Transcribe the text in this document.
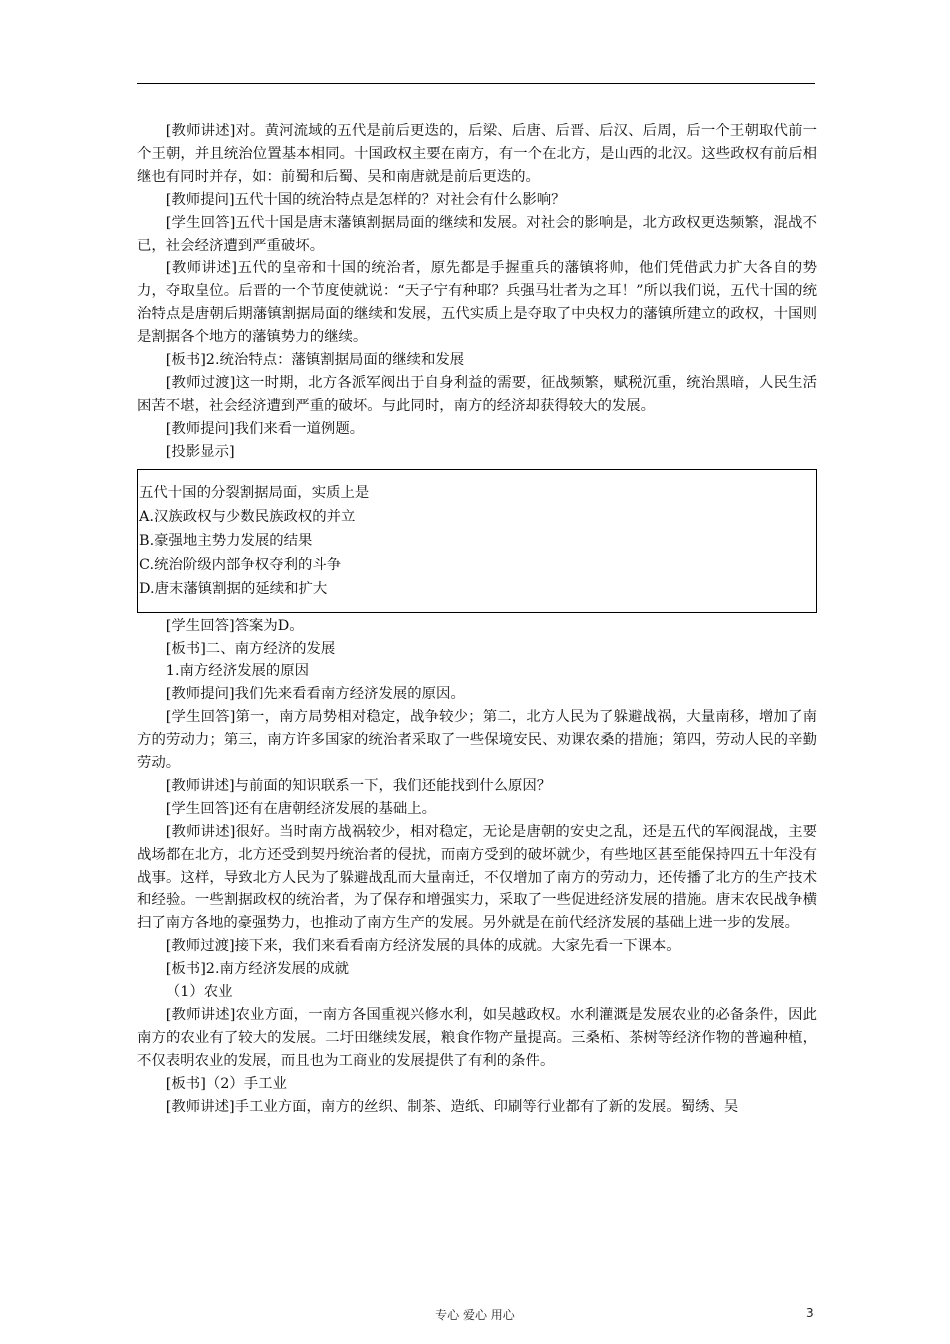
[教师讲述]对。黄河流域的五代是前后更迭的，后梁、后唐、后晋、后汉、后周，后一个王朝取代前一个王朝，并且统治位置基本相同。十国政权主要在南方，有一个在北方，是山西的北汉。这些政权有前后相继也有同时并存，如：前蜀和后蜀、吴和南唐就是前后更迭的。

[教师提问]五代十国的统治特点是怎样的？对社会有什么影响？

[学生回答]五代十国是唐末藩镇割据局面的继续和发展。对社会的影响是，北方政权更迭频繁，混战不已，社会经济遭到严重破坏。

[教师讲述]五代的皇帝和十国的统治者，原先都是手握重兵的藩镇将帅，他们凭借武力扩大各自的势力，夺取皇位。后晋的一个节度使就说：“天子宁有种耶？兵强马壮者为之耳！”所以我们说，五代十国的统治特点是唐朝后期藩镇割据局面的继续和发展，五代实质上是夺取了中央权力的藩镇所建立的政权，十国则是割据各个地方的藩镇势力的继续。

[板书]2.统治特点：藩镇割据局面的继续和发展

[教师过渡]这一时期，北方各派军阀出于自身利益的需要，征战频繁，赋税沉重，统治黑暗，人民生活困苦不堪，社会经济遭到严重的破坏。与此同时，南方的经济却获得较大的发展。

[教师提问]我们来看一道例题。

[投影显示]

五代十国的分裂割据局面，实质上是

A.汉族政权与少数民族政权的并立

B.豪强地主势力发展的结果

C.统治阶级内部争权夺利的斗争

D.唐末藩镇割据的延续和扩大

[学生回答]答案为D。

[板书]二、南方经济的发展

1.南方经济发展的原因

[教师提问]我们先来看看南方经济发展的原因。

[学生回答]第一，南方局势相对稳定，战争较少；第二，北方人民为了躲避战祸，大量南移，增加了南方的劳动力；第三，南方许多国家的统治者采取了一些保境安民、劝课农桑的措施；第四，劳动人民的辛勤劳动。

[教师讲述]与前面的知识联系一下，我们还能找到什么原因？

[学生回答]还有在唐朝经济发展的基础上。

[教师讲述]很好。当时南方战祸较少，相对稳定，无论是唐朝的安史之乱，还是五代的军阀混战，主要战场都在北方，北方还受到契丹统治者的侵扰，而南方受到的破坏就少，有些地区甚至能保持四五十年没有战事。这样，导致北方人民为了躲避战乱而大量南迁，不仅增加了南方的劳动力，还传播了北方的生产技术和经验。一些割据政权的统治者，为了保存和增强实力，采取了一些促进经济发展的措施。唐末农民战争横扫了南方各地的豪强势力，也推动了南方生产的发展。另外就是在前代经济发展的基础上进一步的发展。

[教师过渡]接下来，我们来看看南方经济发展的具体的成就。大家先看一下课本。

[板书]2.南方经济发展的成就

（1）农业

[教师讲述]农业方面，一南方各国重视兴修水利，如吴越政权。水利灌溉是发展农业的必备条件，因此南方的农业有了较大的发展。二圩田继续发展，粮食作物产量提高。三桑柘、茶树等经济作物的普遍种植，不仅表明农业的发展，而且也为工商业的发展提供了有利的条件。

[板书]（2）手工业

[教师讲述]手工业方面，南方的丝织、制茶、造纸、印刷等行业都有了新的发展。蜀绣、吴

专心 爱心 用心	3
